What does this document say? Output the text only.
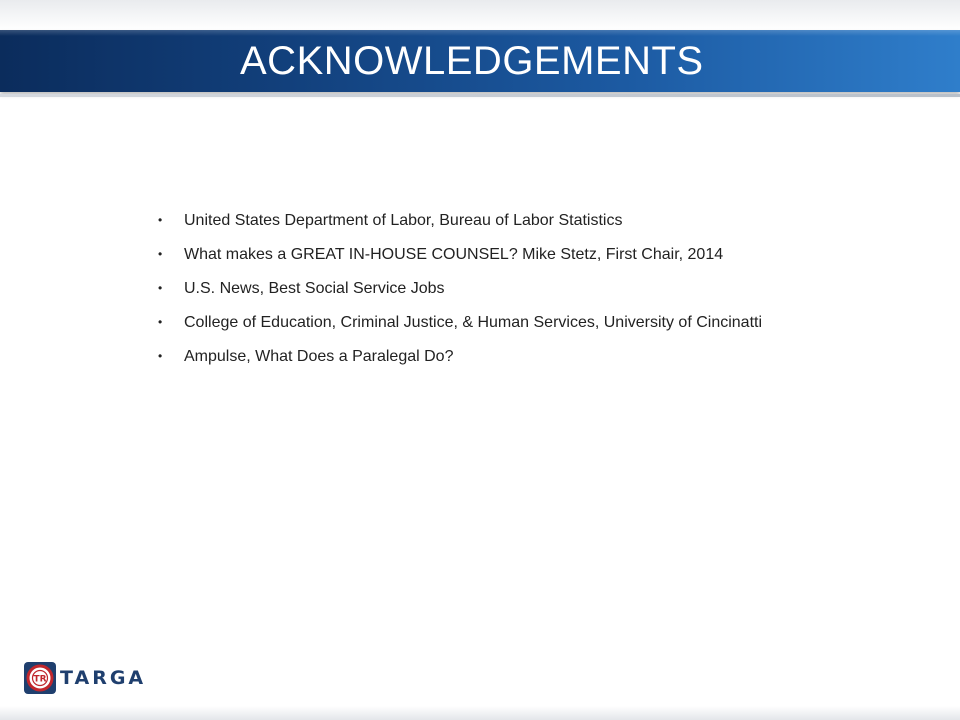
ACKNOWLEDGEMENTS
• United States Department of Labor, Bureau of Labor Statistics
• What makes a GREAT IN-HOUSE COUNSEL? Mike Stetz, First Chair, 2014
• U.S. News, Best Social Service Jobs
• College of Education, Criminal Justice, & Human Services, University of Cincinatti
• Ampulse, What Does a Paralegal Do?
TR TARGA
